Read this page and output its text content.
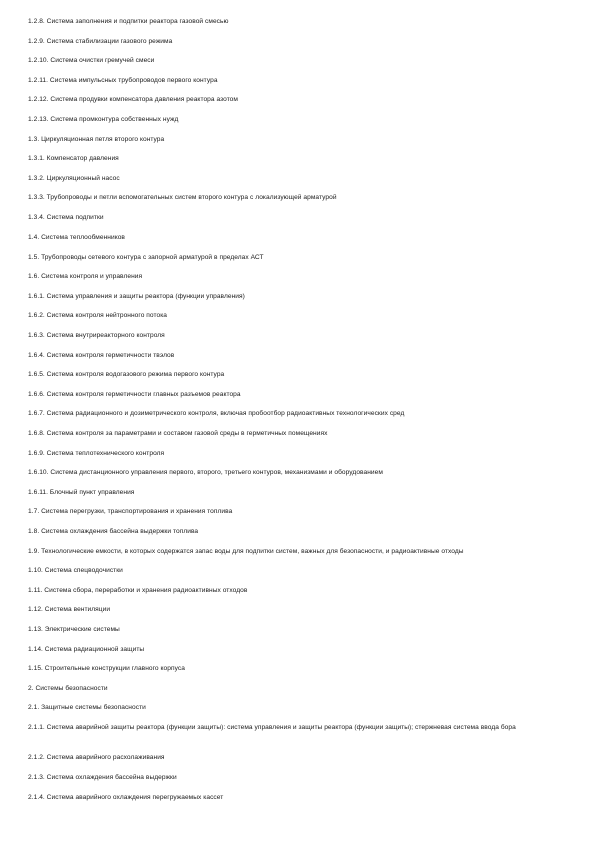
1.2.8. Система заполнения и подпитки реактора газовой смесью
1.2.9. Система стабилизации газового режима
1.2.10. Система очистки гремучей смеси
1.2.11. Система импульсных трубопроводов первого контура
1.2.12. Система продувки компенсатора давления реактора азотом
1.2.13. Система промконтура собственных нужд
1.3. Циркуляционная петля второго контура
1.3.1. Компенсатор давления
1.3.2. Циркуляционный насос
1.3.3. Трубопроводы и петли вспомогательных систем второго контура с локализующей арматурой
1.3.4. Система подпитки
1.4. Система теплообменников
1.5. Трубопроводы сетевого контура с запорной арматурой в пределах АСТ
1.6. Система контроля и управления
1.6.1. Система управления и защиты реактора (функции управления)
1.6.2. Система контроля нейтронного потока
1.6.3. Система внутриреакторного контроля
1.6.4. Система контроля герметичности твэлов
1.6.5. Система контроля водогазового режима первого контура
1.6.6. Система контроля герметичности главных разъемов реактора
1.6.7. Система радиационного и дозиметрического контроля, включая пробоотбор радиоактивных технологических сред
1.6.8. Система контроля за параметрами и составом газовой среды в герметичных помещениях
1.6.9. Система теплотехнического контроля
1.6.10. Система дистанционного управления первого, второго, третьего контуров, механизмами и оборудованием
1.6.11. Блочный пункт управления
1.7. Система перегрузки, транспортирования и хранения топлива
1.8. Система охлаждения бассейна выдержки топлива
1.9. Технологические емкости, в которых содержатся запас воды для подпитки систем, важных для безопасности, и радиоактивные отходы
1.10. Система спецводочистки
1.11. Система сбора, переработки и хранения радиоактивных отходов
1.12. Система вентиляции
1.13. Электрические системы
1.14. Система радиационной защиты
1.15. Строительные конструкции главного корпуса
2. Системы безопасности
2.1. Защитные системы безопасности
2.1.1. Система аварийной защиты реактора (функции защиты): система управления и защиты реактора (функции защиты); стержневая система ввода бора
2.1.2. Система аварийного расхолаживания
2.1.3. Система охлаждения бассейна выдержки
2.1.4. Система аварийного охлаждения перегружаемых кассет
